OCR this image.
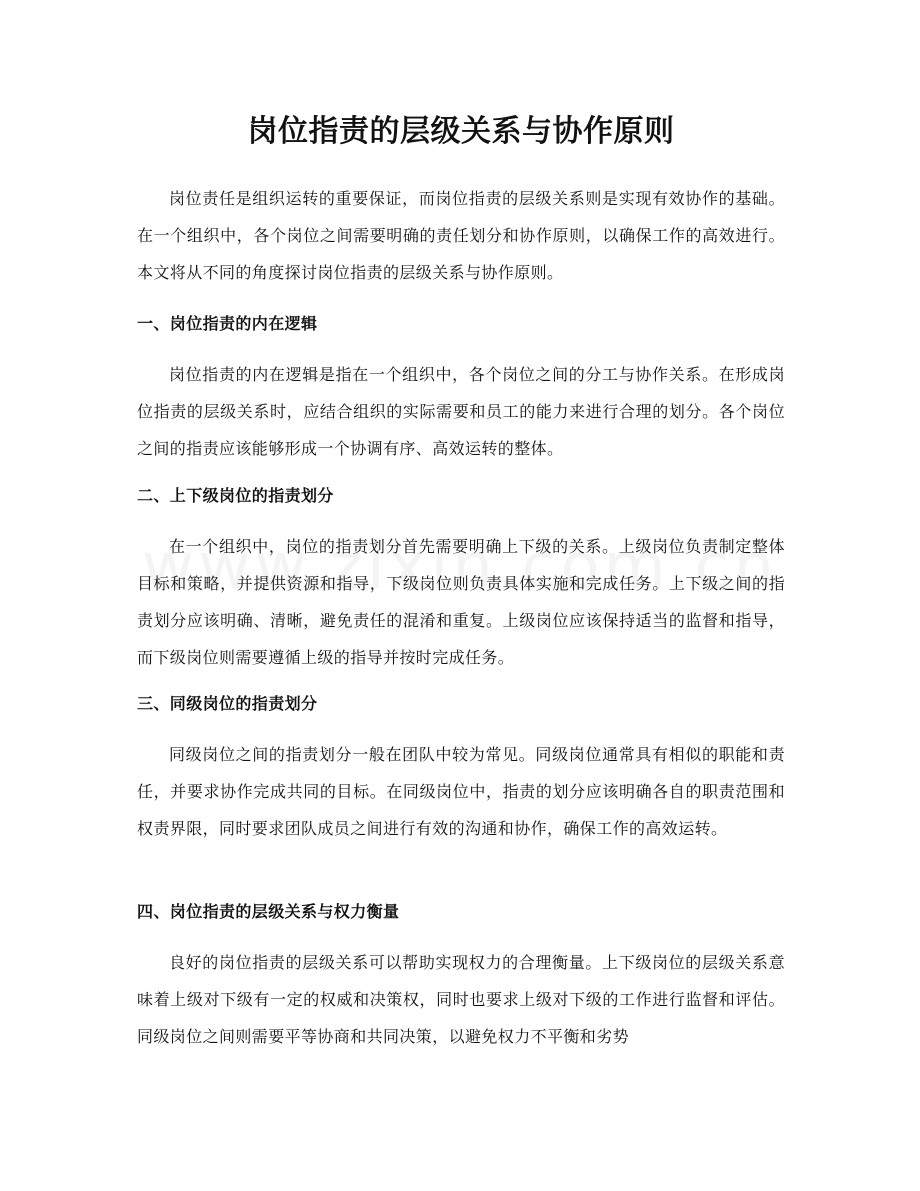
岗位指责的层级关系与协作原则

岗位责任是组织运转的重要保证，而岗位指责的层级关系则是实现有效协作的基础。在一个组织中，各个岗位之间需要明确的责任划分和协作原则，以确保工作的高效进行。本文将从不同的角度探讨岗位指责的层级关系与协作原则。

一、岗位指责的内在逻辑

岗位指责的内在逻辑是指在一个组织中，各个岗位之间的分工与协作关系。在形成岗位指责的层级关系时，应结合组织的实际需要和员工的能力来进行合理的划分。各个岗位之间的指责应该能够形成一个协调有序、高效运转的整体。

二、上下级岗位的指责划分

在一个组织中，岗位的指责划分首先需要明确上下级的关系。上级岗位负责制定整体目标和策略，并提供资源和指导，下级岗位则负责具体实施和完成任务。上下级之间的指责划分应该明确、清晰，避免责任的混淆和重复。上级岗位应该保持适当的监督和指导，而下级岗位则需要遵循上级的指导并按时完成任务。

三、同级岗位的指责划分

同级岗位之间的指责划分一般在团队中较为常见。同级岗位通常具有相似的职能和责任，并要求协作完成共同的目标。在同级岗位中，指责的划分应该明确各自的职责范围和权责界限，同时要求团队成员之间进行有效的沟通和协作，确保工作的高效运转。

四、岗位指责的层级关系与权力衡量

良好的岗位指责的层级关系可以帮助实现权力的合理衡量。上下级岗位的层级关系意味着上级对下级有一定的权威和决策权，同时也要求上级对下级的工作进行监督和评估。同级岗位之间则需要平等协商和共同决策，以避免权力不平衡和劣势
